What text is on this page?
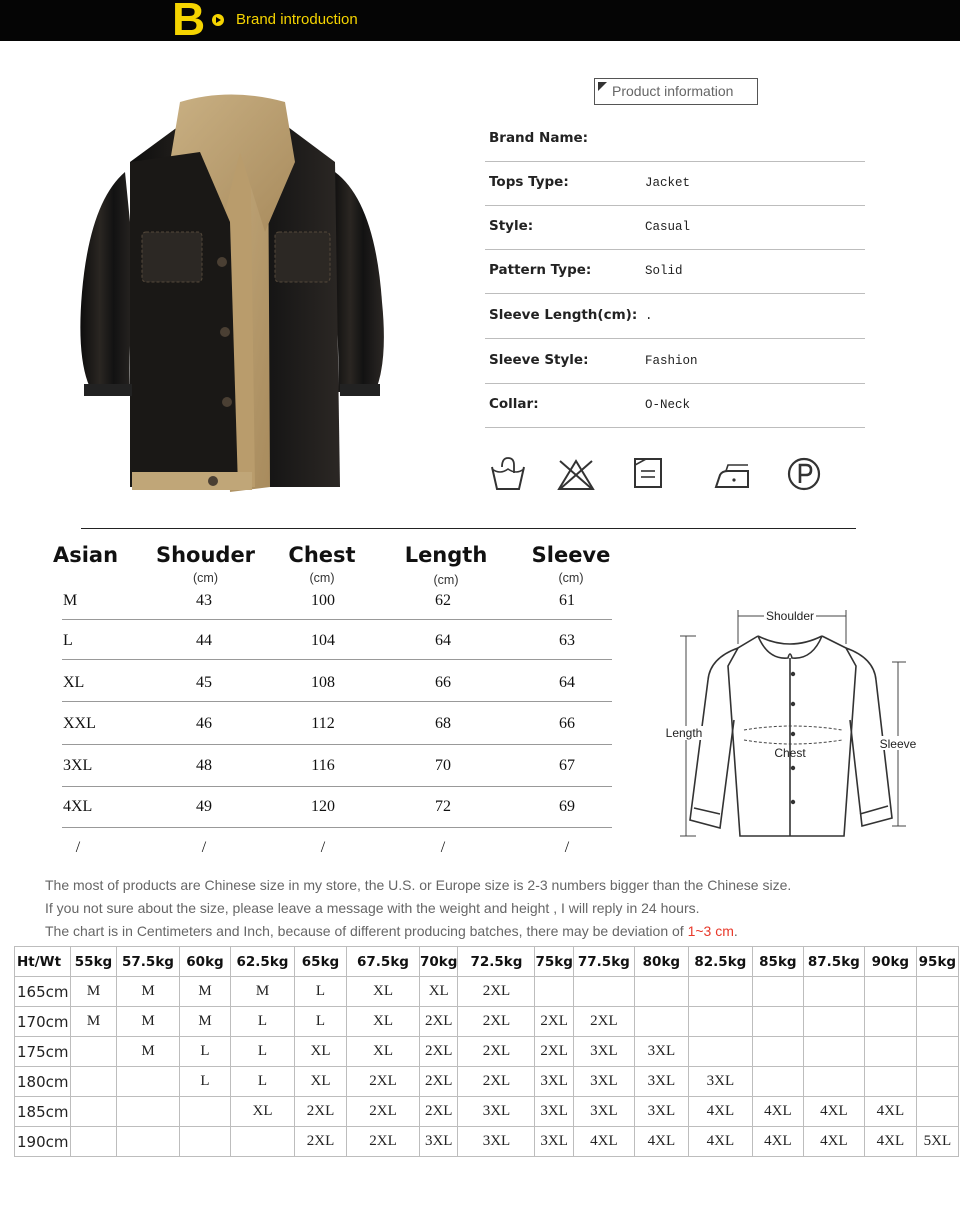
B Brand introduction
Product information
Brand Name:
Tops Type:	Jacket
Style:	Casual
Pattern Type:	Solid
Sleeve Length(cm): .
Sleeve Style:	Fashion
Collar:	O-Neck
Asian Shouder
(cm)
Chest
(cm)
Length
(cm)
Sleeve
(cm)
M	43	100	62	61
L	44	104	64	63
XL	45	108	66	64
XXL	46	112	68	66
3XL	48	116	70	67
4XL	49	120	72	69
/	/	/	/	/
Shoulder
Length
Chest
Sleeve
The most of products are Chinese size in my store, the U.S. or Europe size is 2-3 numbers bigger than the Chinese size.
If you not sure about the size, please leave a message with the weight and height , I will reply in 24 hours.
The chart is in Centimeters and Inch, because of different producing batches, there may be deviation of 1~3 cm.
Ht/Wt	55kg	57.5kg	60kg	62.5kg	65kg	67.5kg	70kg	72.5kg	75kg	77.5kg	80kg	82.5kg	85kg	87.5kg	90kg	95kg
165cm	M	M	M	M	L	XL	XL	2XL								
170cm	M	M	M	L	L	XL	2XL	2XL	2XL	2XL						
175cm		M	L	L	XL	XL	2XL	2XL	2XL	3XL	3XL					
180cm			L	L	XL	2XL	2XL	2XL	3XL	3XL	3XL	3XL				
185cm				XL	2XL	2XL	2XL	3XL	3XL	3XL	3XL	4XL	4XL	4XL	4XL	
190cm					2XL	2XL	3XL	3XL	3XL	4XL	4XL	4XL	4XL	4XL	4XL	5XL
